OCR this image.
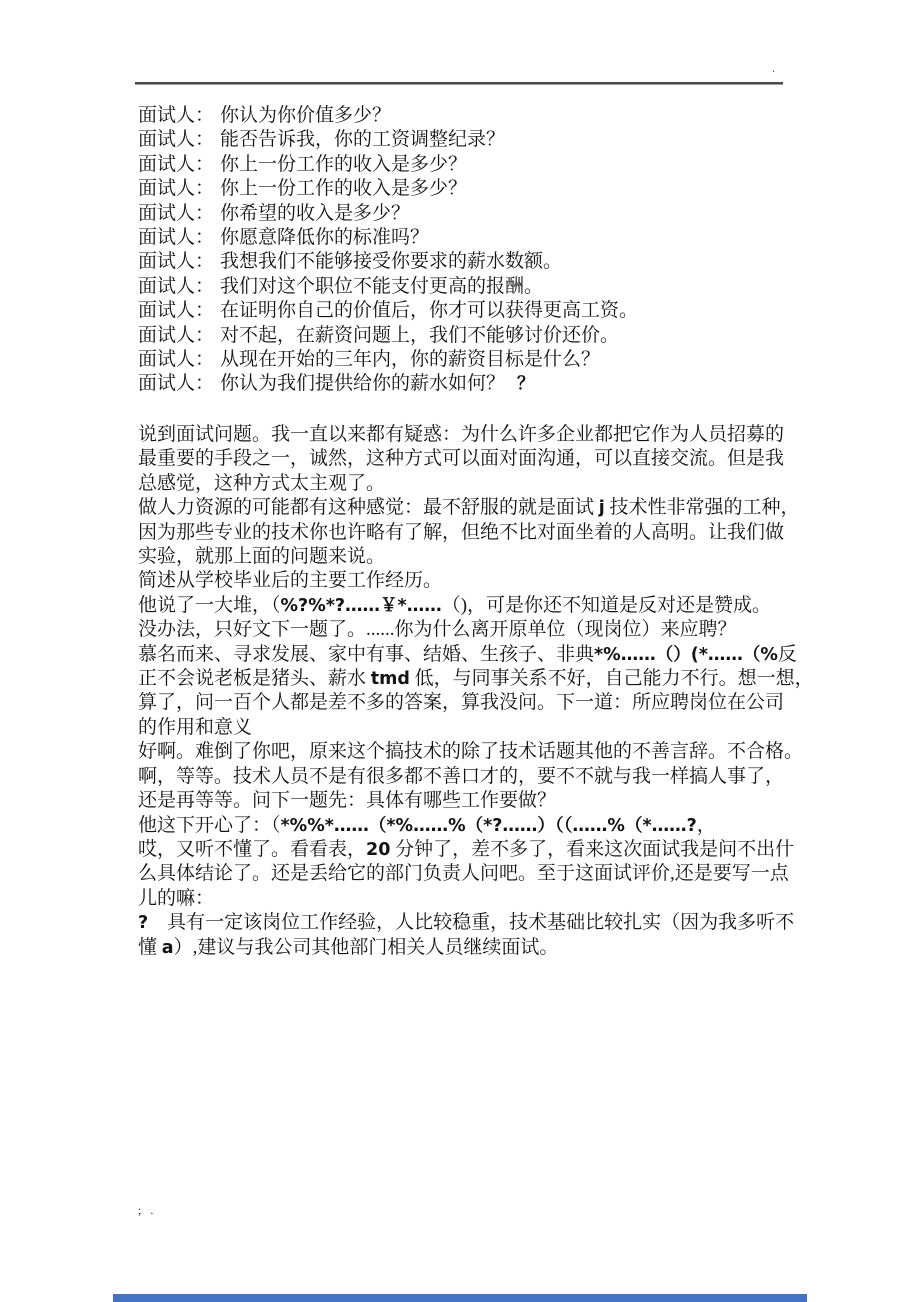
.
面试人： 你认为你价值多少？
面试人： 能否告诉我，你的工资调整纪录？
面试人： 你上一份工作的收入是多少？
面试人： 你上一份工作的收入是多少？
面试人： 你希望的收入是多少？
面试人： 你愿意降低你的标准吗？
面试人： 我想我们不能够接受你要求的薪水数额。
面试人： 我们对这个职位不能支付更高的报酬。
面试人： 在证明你自己的价值后，你才可以获得更高工资。
面试人： 对不起，在薪资问题上，我们不能够讨价还价。
面试人： 从现在开始的三年内，你的薪资目标是什么？
面试人： 你认为我们提供给你的薪水如何？ ？
说到面试问题。我一直以来都有疑惑：为什么许多企业都把它作为人员招募的
最重要的手段之一，诚然，这种方式可以面对面沟通，可以直接交流。但是我
总感觉，这种方式太主观了。
做人力资源的可能都有这种感觉：最不舒服的就是面试 j 技术性非常强的工种，
因为那些专业的技术你也许略有了解，但绝不比对面坐着的人高明。让我们做
实验，就那上面的问题来说。
简述从学校毕业后的主要工作经历。
他说了一大堆，（%?%*?……￥*……（)，可是你还不知道是反对还是赞成。
没办法，只好文下一题了。......你为什么离开原单位（现岗位）来应聘？
慕名而来、寻求发展、家中有事、结婚、生孩子、非典*%……（）(*……（%反
正不会说老板是猪头、薪水 tmd 低，与同事关系不好，自己能力不行。想一想，
算了，问一百个人都是差不多的答案，算我没问。下一道：所应聘岗位在公司
的作用和意义
好啊。难倒了你吧，原来这个搞技术的除了技术话题其他的不善言辞。不合格。
啊，等等。技术人员不是有很多都不善口才的，要不不就与我一样搞人事了，
还是再等等。问下一题先：具体有哪些工作要做？
他这下开心了：（*%%*……（*%……%（*?……）（（……%（*……?，
哎，又听不懂了。看看表，20 分钟了，差不多了，看来这次面试我是问不出什
么具体结论了。还是丢给它的部门负责人问吧。至于这面试评价,还是要写一点
儿的嘛：
?　具有一定该岗位工作经验，人比较稳重，技术基础比较扎实（因为我多听不
懂 a）,建议与我公司其他部门相关人员继续面试。
; .
